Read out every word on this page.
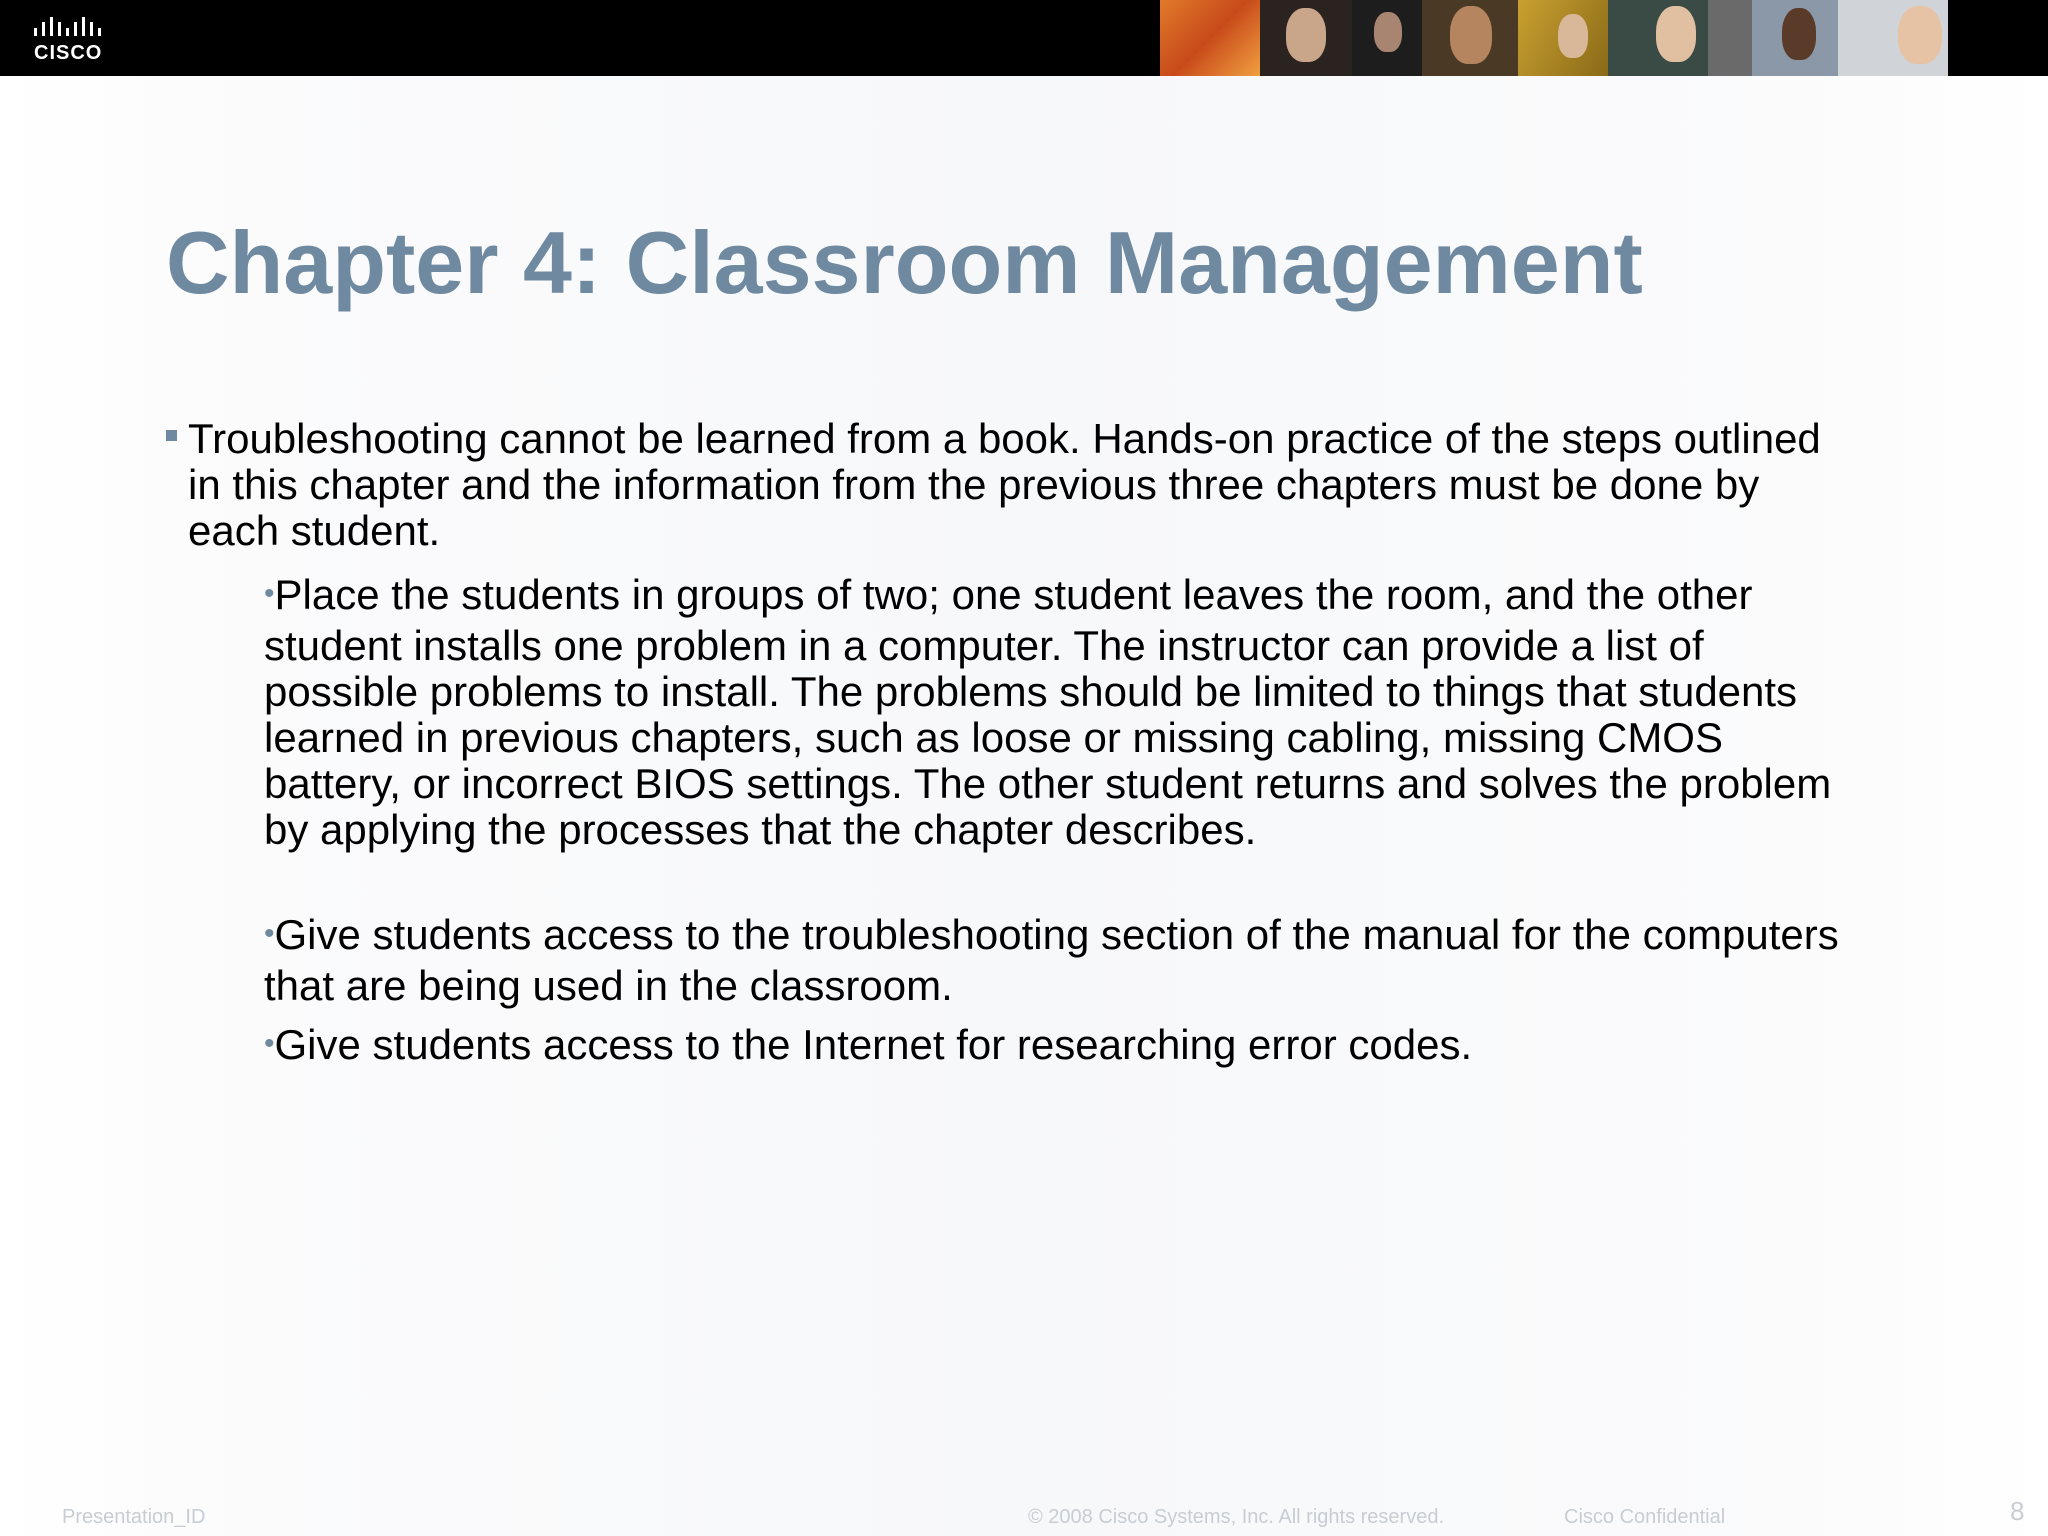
CISCO
Chapter 4: Classroom Management
Troubleshooting cannot be learned from a book. Hands-on practice of the steps outlined in this chapter and the information from the previous three chapters must be done by each student.
•Place the students in groups of two; one student leaves the room, and the other student installs one problem in a computer. The instructor can provide a list of possible problems to install. The problems should be limited to things that students learned in previous chapters, such as loose or missing cabling, missing CMOS battery, or incorrect BIOS settings. The other student returns and solves the problem by applying the processes that the chapter describes.
•Give students access to the troubleshooting section of the manual for the computers that are being used in the classroom.
•Give students access to the Internet for researching error codes.
Presentation_ID	© 2008 Cisco Systems, Inc. All rights reserved.	Cisco Confidential	8
